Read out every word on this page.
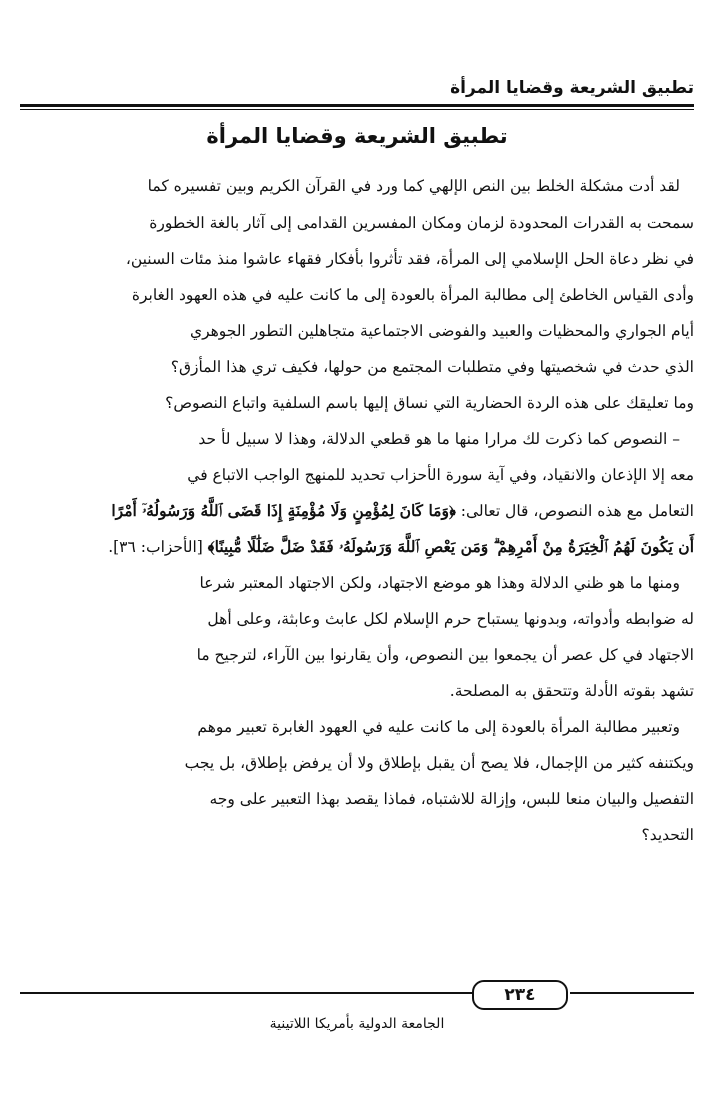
تطبيق الشريعة وقضايا المرأة
تطبيق الشريعة وقضايا المرأة
لقد أدت مشكلة الخلط بين النص الإلهي كما ورد في القرآن الكريم وبين تفسيره كما
سمحت به القدرات المحدودة لزمان ومكان المفسرين القدامى إلى آثار بالغة الخطورة
في نظر دعاة الحل الإسلامي إلى المرأة، فقد تأثروا بأفكار فقهاء عاشوا منذ مئات السنين،
وأدى القياس الخاطئ إلى مطالبة المرأة بالعودة إلى ما كانت عليه في هذه العهود الغابرة
أيام الجواري والمحظيات والعبيد والفوضى الاجتماعية متجاهلين التطور الجوهري
الذي حدث في شخصيتها وفي متطلبات المجتمع من حولها، فكيف تري هذا المأزق؟
وما تعليقك على هذه الردة الحضارية التي نساق إليها باسم السلفية واتباع النصوص؟
– النصوص كما ذكرت لك مرارا منها ما هو قطعي الدلالة، وهذا لا سبيل لأ حد
معه إلا الإذعان والانقياد، وفي آية سورة الأحزاب تحديد للمنهج الواجب الاتباع في
التعامل مع هذه النصوص، قال تعالى: ﴿وَمَا كَانَ لِمُؤْمِنٍ وَلَا مُؤْمِنَةٍ إِذَا قَضَى ٱللَّهُ وَرَسُولُهُۥٓ أَمْرًا
أَن يَكُونَ لَهُمُ ٱلْخِيَرَةُ مِنْ أَمْرِهِمْ ۗ وَمَن يَعْصِ ٱللَّهَ وَرَسُولَهُۥ فَقَدْ ضَلَّ ضَلَٰلًا مُّبِينًا﴾ [الأحزاب: ٣٦].
ومنها ما هو ظني الدلالة وهذا هو موضع الاجتهاد، ولكن الاجتهاد المعتبر شرعا
له ضوابطه وأدواته، وبدونها يستباح حرم الإسلام لكل عابث وعابثة، وعلى أهل
الاجتهاد في كل عصر أن يجمعوا بين النصوص، وأن يقارنوا بين الآراء، لترجيح ما
تشهد بقوته الأدلة وتتحقق به المصلحة.
وتعبير مطالبة المرأة بالعودة إلى ما كانت عليه في العهود الغابرة تعبير موهم
ويكتنفه كثير من الإجمال، فلا يصح أن يقبل بإطلاق ولا أن يرفض بإطلاق، بل يجب
التفصيل والبيان منعا للبس، وإزالة للاشتباه، فماذا يقصد بهذا التعبير على وجه
التحديد؟
٢٣٤
الجامعة الدولية بأمريكا اللاتينية
